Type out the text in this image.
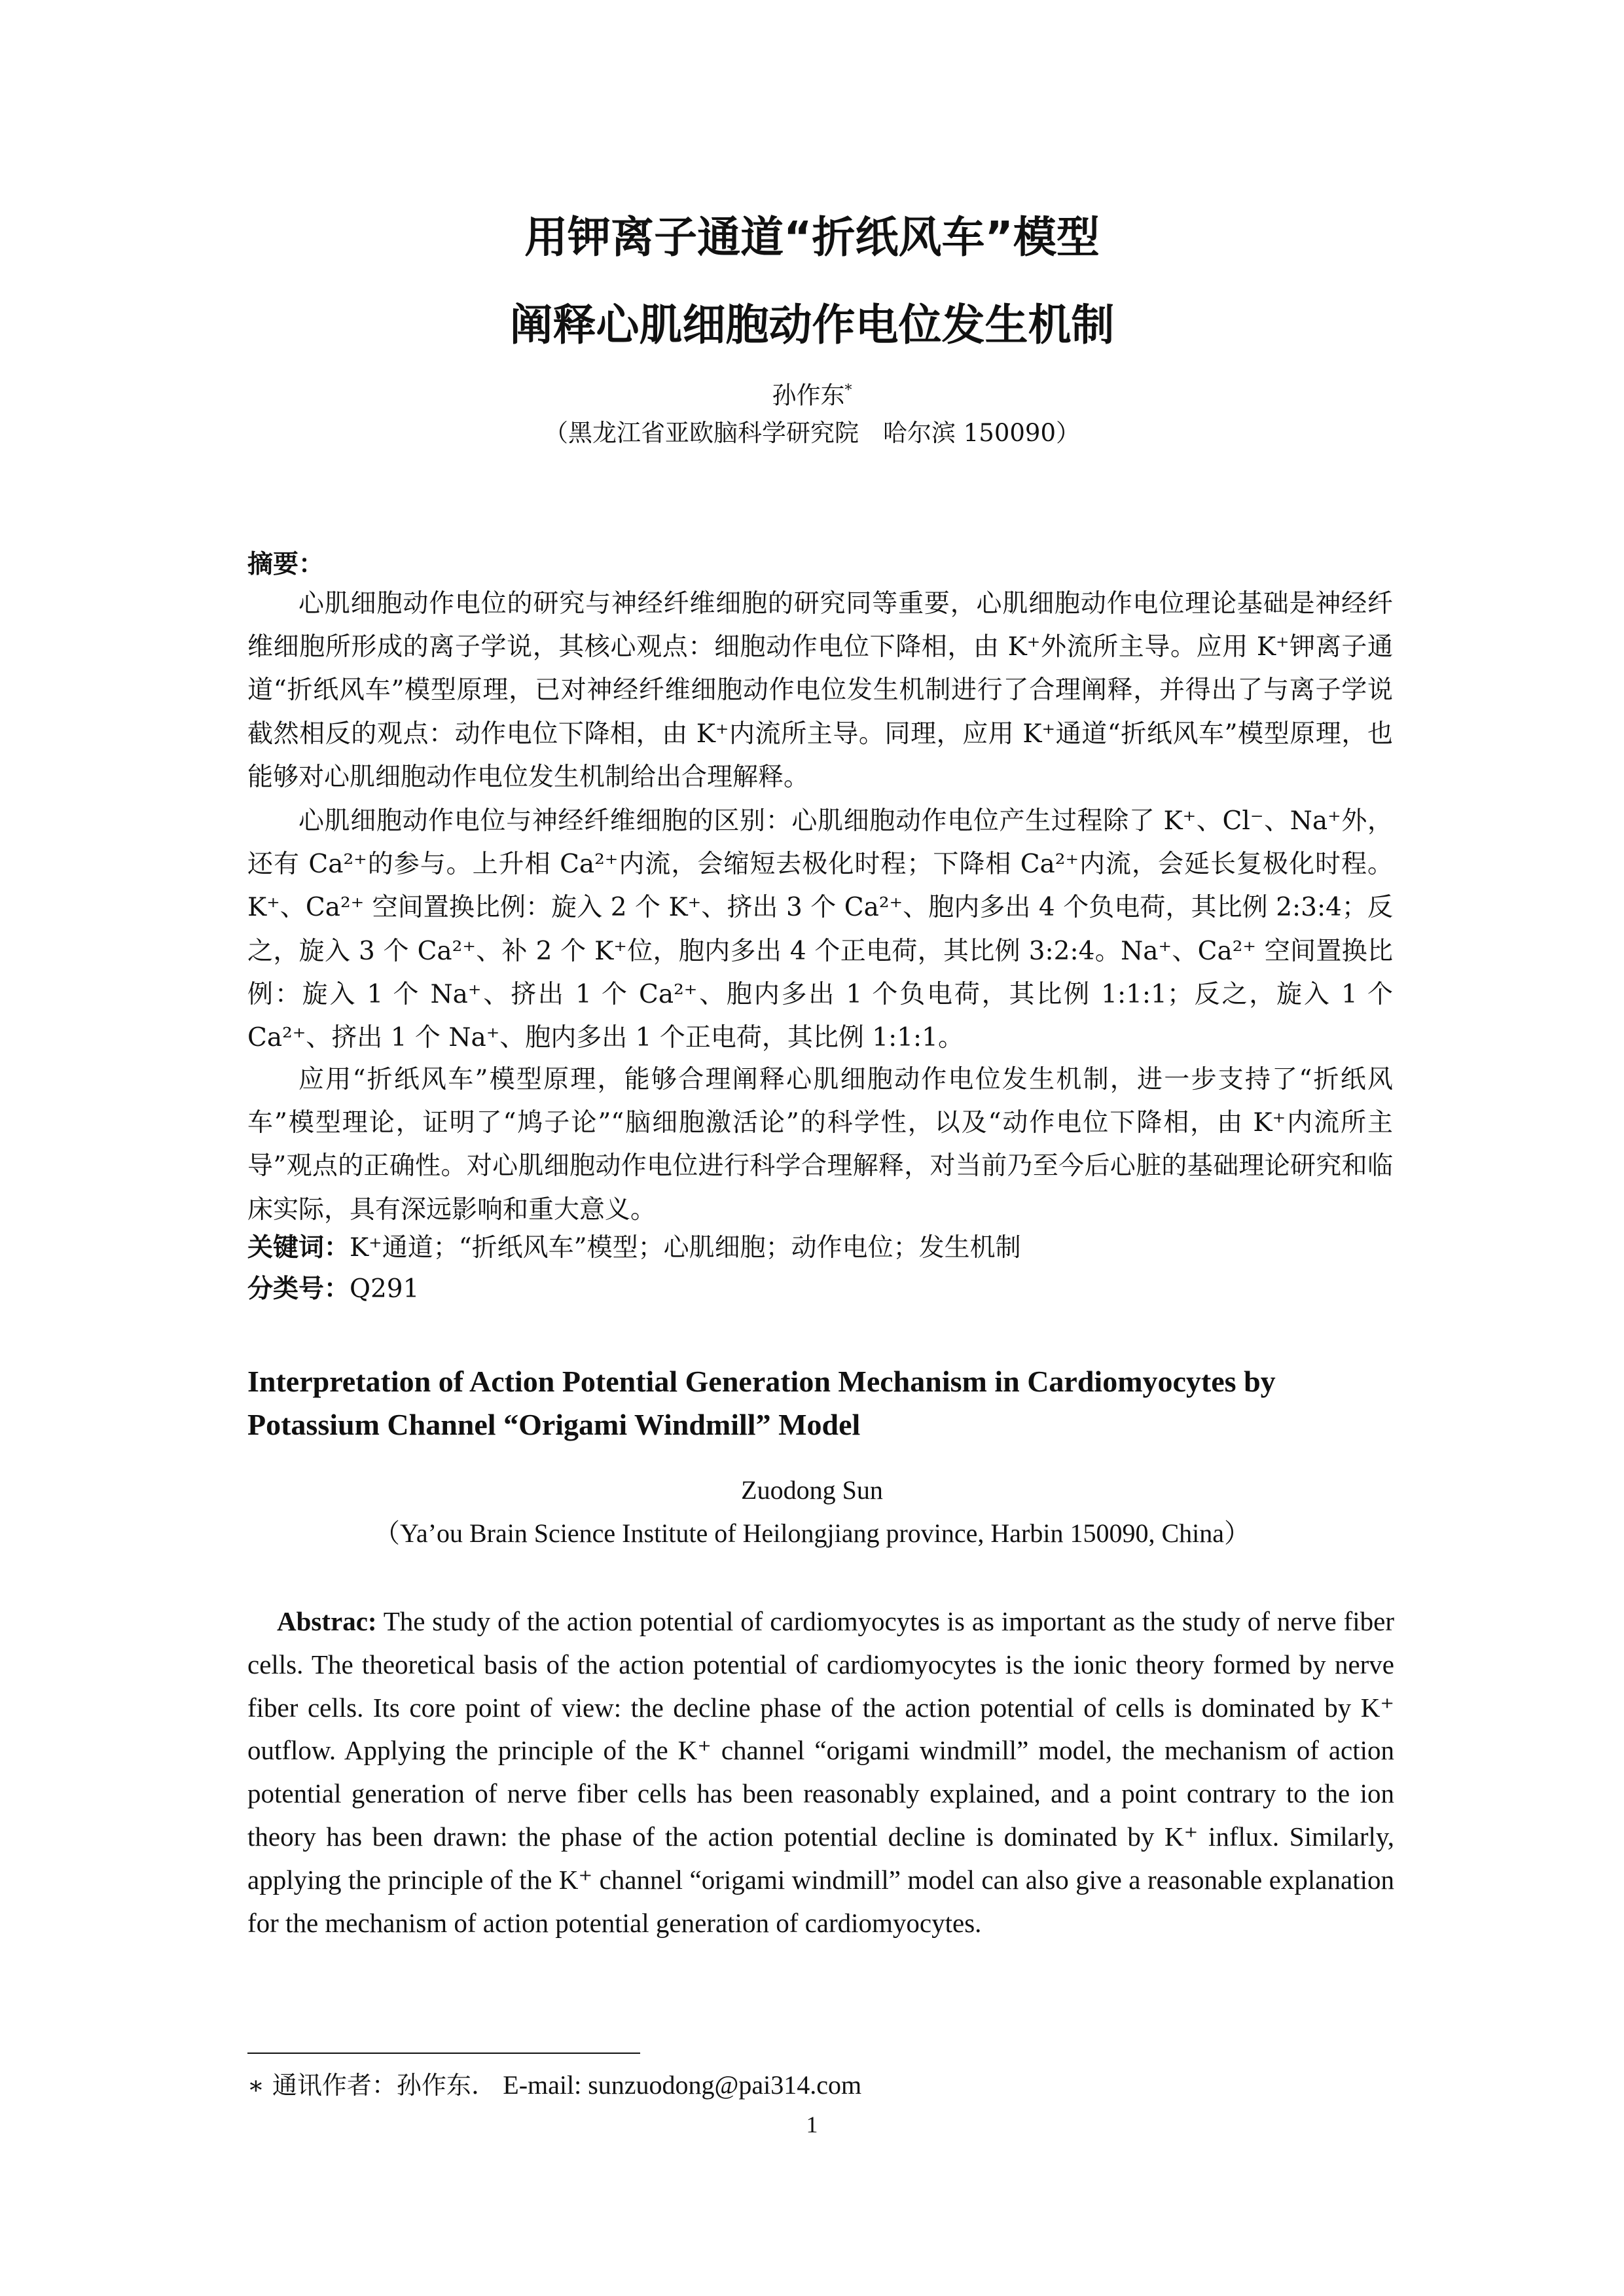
用钾离子通道“折纸风车”模型
阐释心肌细胞动作电位发生机制
孙作东*
（黑龙江省亚欧脑科学研究院　哈尔滨 150090）
摘要：
心肌细胞动作电位的研究与神经纤维细胞的研究同等重要，心肌细胞动作电位理论基础是神经纤维细胞所形成的离子学说，其核心观点：细胞动作电位下降相，由 K⁺外流所主导。应用 K⁺钾离子通道“折纸风车”模型原理，已对神经纤维细胞动作电位发生机制进行了合理阐释，并得出了与离子学说截然相反的观点：动作电位下降相，由 K⁺内流所主导。同理，应用 K⁺通道“折纸风车”模型原理，也能够对心肌细胞动作电位发生机制给出合理解释。
心肌细胞动作电位与神经纤维细胞的区别：心肌细胞动作电位产生过程除了 K⁺、Cl⁻、Na⁺外，还有 Ca²⁺的参与。上升相 Ca²⁺内流，会缩短去极化时程；下降相 Ca²⁺内流，会延长复极化时程。K⁺、Ca²⁺ 空间置换比例：旋入 2 个 K⁺、挤出 3 个 Ca²⁺、胞内多出 4 个负电荷，其比例 2:3:4；反之，旋入 3 个 Ca²⁺、补 2 个 K⁺位，胞内多出 4 个正电荷，其比例 3:2:4。Na⁺、Ca²⁺ 空间置换比例：旋入 1 个 Na⁺、挤出 1 个 Ca²⁺、胞内多出 1 个负电荷，其比例 1:1:1；反之，旋入 1 个 Ca²⁺、挤出 1 个 Na⁺、胞内多出 1 个正电荷，其比例 1:1:1。
应用“折纸风车”模型原理，能够合理阐释心肌细胞动作电位发生机制，进一步支持了“折纸风车”模型理论，证明了“鸠子论”“脑细胞激活论”的科学性，以及“动作电位下降相，由 K⁺内流所主导”观点的正确性。对心肌细胞动作电位进行科学合理解释，对当前乃至今后心脏的基础理论研究和临床实际，具有深远影响和重大意义。
关键词：K⁺通道；“折纸风车”模型；心肌细胞；动作电位；发生机制
分类号：Q291
Interpretation of Action Potential Generation Mechanism in Cardiomyocytes by Potassium Channel “Origami Windmill” Model
Zuodong Sun
（Ya’ou Brain Science Institute of Heilongjiang province, Harbin 150090, China）
Abstrac: The study of the action potential of cardiomyocytes is as important as the study of nerve fiber cells. The theoretical basis of the action potential of cardiomyocytes is the ionic theory formed by nerve fiber cells. Its core point of view: the decline phase of the action potential of cells is dominated by K⁺ outflow. Applying the principle of the K⁺ channel “origami windmill” model, the mechanism of action potential generation of nerve fiber cells has been reasonably explained, and a point contrary to the ion theory has been drawn: the phase of the action potential decline is dominated by K⁺ influx. Similarly, applying the principle of the K⁺ channel “origami windmill” model can also give a reasonable explanation for the mechanism of action potential generation of cardiomyocytes.
∗ 通讯作者：孙作东. E-mail: sunzuodong@pai314.com
1
